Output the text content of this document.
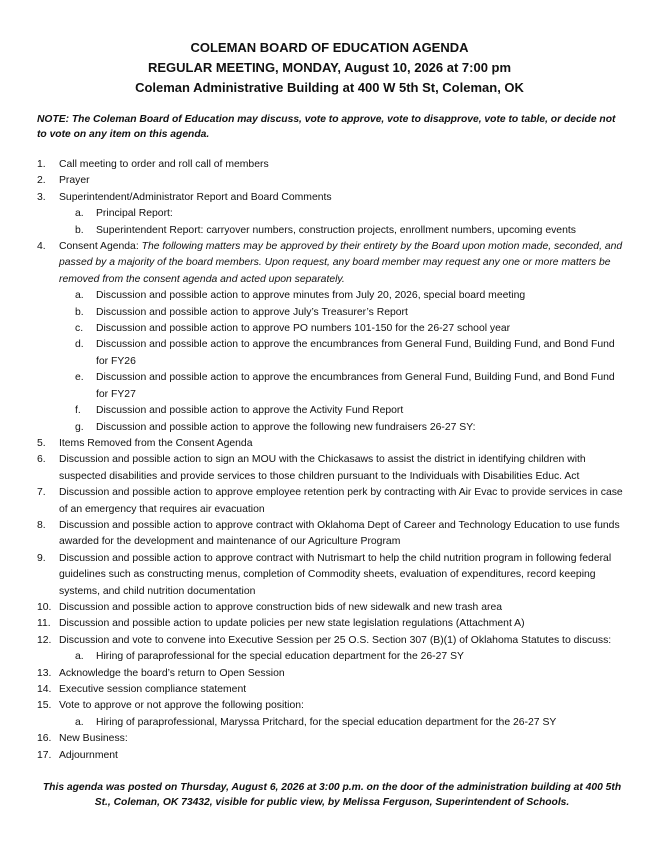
COLEMAN BOARD OF EDUCATION AGENDA
REGULAR MEETING, MONDAY, August 10, 2026 at 7:00 pm
Coleman Administrative Building at 400 W 5th St, Coleman, OK
NOTE: The Coleman Board of Education may discuss, vote to approve, vote to disapprove, vote to table, or decide not to vote on any item on this agenda.
1.	Call meeting to order and roll call of members
2.	Prayer
3.	Superintendent/Administrator Report and Board Comments
a.	Principal Report:
b.	Superintendent Report: carryover numbers, construction projects, enrollment numbers, upcoming events
4.	Consent Agenda: The following matters may be approved by their entirety by the Board upon motion made, seconded, and passed by a majority of the board members. Upon request, any board member may request any one or more matters be removed from the consent agenda and acted upon separately.
a.	Discussion and possible action to approve minutes from July 20, 2026, special board meeting
b.	Discussion and possible action to approve July’s Treasurer’s Report
c.	Discussion and possible action to approve PO numbers 101-150 for the 26-27 school year
d.	Discussion and possible action to approve the encumbrances from General Fund, Building Fund, and Bond Fund for FY26
e.	Discussion and possible action to approve the encumbrances from General Fund, Building Fund, and Bond Fund for FY27
f.	Discussion and possible action to approve the Activity Fund Report
g.	Discussion and possible action to approve the following new fundraisers 26-27 SY:
5.	Items Removed from the Consent Agenda
6.	Discussion and possible action to sign an MOU with the Chickasaws to assist the district in identifying children with suspected disabilities and provide services to those children pursuant to the Individuals with Disabilities Educ. Act
7.	Discussion and possible action to approve employee retention perk by contracting with Air Evac to provide services in case of an emergency that requires air evacuation
8.	Discussion and possible action to approve contract with Oklahoma Dept of Career and Technology Education to use funds awarded for the development and maintenance of our Agriculture Program
9.	Discussion and possible action to approve contract with Nutrismart to help the child nutrition program in following federal guidelines such as constructing menus, completion of Commodity sheets, evaluation of expenditures, record keeping systems, and child nutrition documentation
10. Discussion and possible action to approve construction bids of new sidewalk and new trash area
11. Discussion and possible action to update policies per new state legislation regulations (Attachment A)
12. Discussion and vote to convene into Executive Session per 25 O.S. Section 307 (B)(1) of Oklahoma Statutes to discuss:
a.	Hiring of paraprofessional for the special education department for the 26-27 SY
13. Acknowledge the board’s return to Open Session
14. Executive session compliance statement
15. Vote to approve or not approve the following position:
a.	Hiring of paraprofessional, Maryssa Pritchard, for the special education department for the 26-27 SY
16. New Business:
17. Adjournment
This agenda was posted on Thursday, August 6, 2026 at 3:00 p.m. on the door of the administration building at 400 5th St., Coleman, OK 73432, visible for public view, by Melissa Ferguson, Superintendent of Schools.
